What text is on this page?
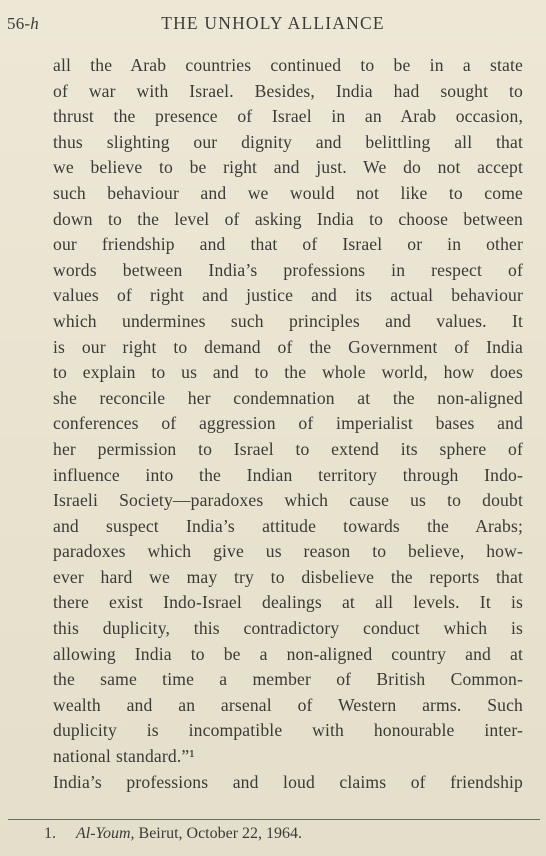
56-h	THE UNHOLY ALLIANCE
all the Arab countries continued to be in a state
of war with Israel. Besides, India had sought to
thrust the presence of Israel in an Arab occasion,
thus slighting our dignity and belittling all that
we believe to be right and just. We do not accept
such behaviour and we would not like to come
down to the level of asking India to choose between
our friendship and that of Israel or in other
words between India’s professions in respect of
values of right and justice and its actual behaviour
which undermines such principles and values. It
is our right to demand of the Government of India
to explain to us and to the whole world, how does
she reconcile her condemnation at the non-aligned
conferences of aggression of imperialist bases and
her permission to Israel to extend its sphere of
influence into the Indian territory through Indo-
Israeli Society—paradoxes which cause us to doubt
and suspect India’s attitude towards the Arabs;
paradoxes which give us reason to believe, how-
ever hard we may try to disbelieve the reports that
there exist Indo-Israel dealings at all levels. It is
this duplicity, this contradictory conduct which is
allowing India to be a non-aligned country and at
the same time a member of British Common-
wealth and an arsenal of Western arms. Such
duplicity is incompatible with honourable inter-
national standard.”¹
India’s professions and loud claims of friendship
1. Al-Youm, Beirut, October 22, 1964.
